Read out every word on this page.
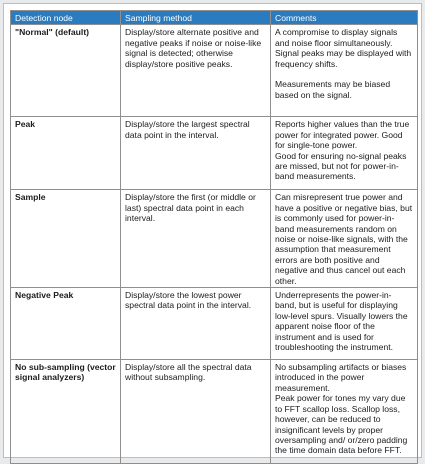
Detection node	Sampling method	Comments
"Normal" (default)	Display/store alternate positive and negative peaks if noise or noise-like signal is detected; otherwise display/store positive peaks.	A compromise to display signals and noise floor simultaneously. Signal peaks may be displayed with frequency shifts.
Measurements may be biased based on the signal.

Peak	Display/store the largest spectral data point in the interval.	Reports higher values than the true power for integrated power. Good for single-tone power.
Good for ensuring no-signal peaks are missed, but not for power-in-band measurements.

Sample	Display/store the first (or middle or last) spectral data point in each interval.	Can misrepresent true power and have a positive or negative bias, but is commonly used for power-in-band measurements random on noise or noise-like signals, with the assumption that measurement errors are both positive and negative and thus cancel out each other.

Negative Peak	Display/store the lowest power spectral data point in the interval.	Underrepresents the power-in-band, but is useful for displaying low-level spurs. Visually lowers the apparent noise floor of the instrument and is used for troubleshooting the instrument.

No sub-sampling (vector signal analyzers)	Display/store all the spectral data without subsampling.	No subsampling artifacts or biases introduced in the power measurement.
Peak power for tones my vary due to FFT scallop loss. Scallop loss, however, can be reduced to insignificant levels by proper oversampling and/ or/zero padding the time domain data before FFT.
